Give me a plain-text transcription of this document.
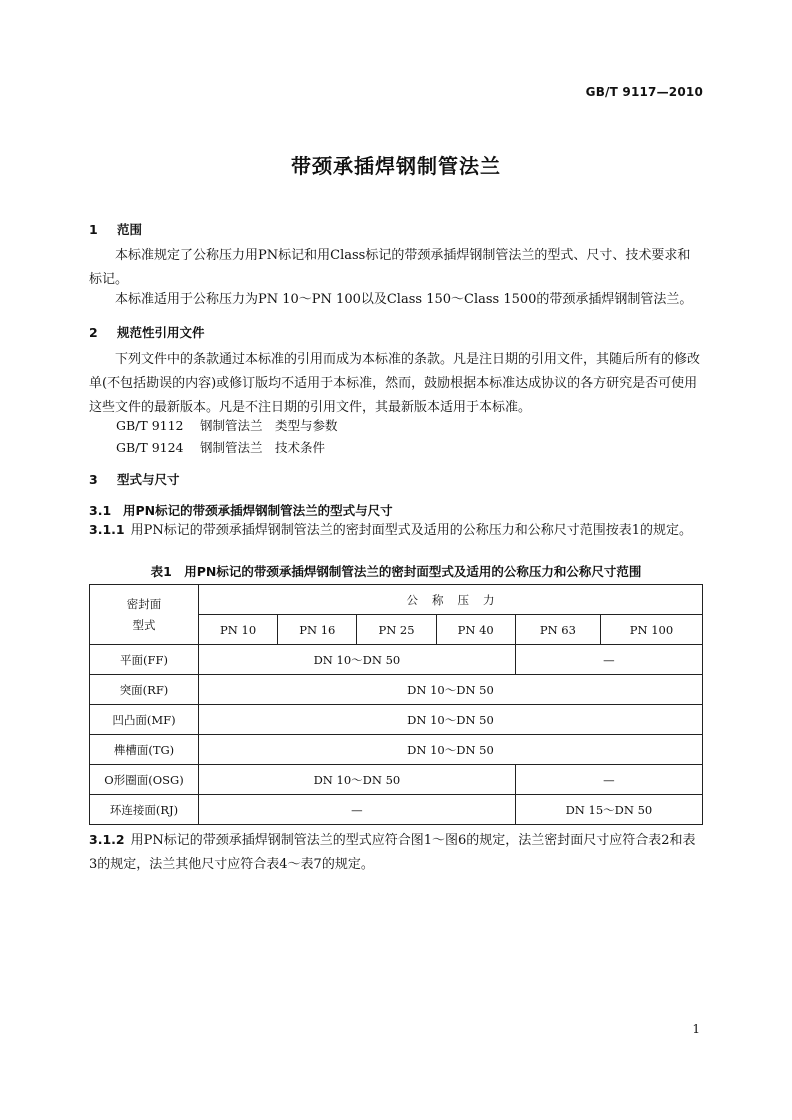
GB/T 9117—2010
带颈承插焊钢制管法兰
1 范围
本标准规定了公称压力用PN标记和用Class标记的带颈承插焊钢制管法兰的型式、尺寸、技术要求和标记。
本标准适用于公称压力为PN 10～PN 100以及Class 150～Class 1500的带颈承插焊钢制管法兰。
2 规范性引用文件
下列文件中的条款通过本标准的引用而成为本标准的条款。凡是注日期的引用文件，其随后所有的修改单(不包括勘误的内容)或修订版均不适用于本标准，然而，鼓励根据本标准达成协议的各方研究是否可使用这些文件的最新版本。凡是不注日期的引用文件，其最新版本适用于本标准。
GB/T 9112 钢制管法兰　类型与参数
GB/T 9124 钢制管法兰　技术条件
3 型式与尺寸
3.1 用PN标记的带颈承插焊钢制管法兰的型式与尺寸
3.1.1 用PN标记的带颈承插焊钢制管法兰的密封面型式及适用的公称压力和公称尺寸范围按表1的规定。
表1　用PN标记的带颈承插焊钢制管法兰的密封面型式及适用的公称压力和公称尺寸范围
密封面
型式	公称压力					
	PN 10	PN 16	PN 25	PN 40	PN 63	PN 100
平面(FF)	DN 10～DN 50				—	
突面(RF)	DN 10～DN 50					
凹凸面(MF)	DN 10～DN 50					
榫槽面(TG)	DN 10～DN 50					
O形圈面(OSG)	DN 10～DN 50				—	
环连接面(RJ)	—				DN 15～DN 50	
3.1.2 用PN标记的带颈承插焊钢制管法兰的型式应符合图1～图6的规定，法兰密封面尺寸应符合表2和表3的规定，法兰其他尺寸应符合表4～表7的规定。
1
